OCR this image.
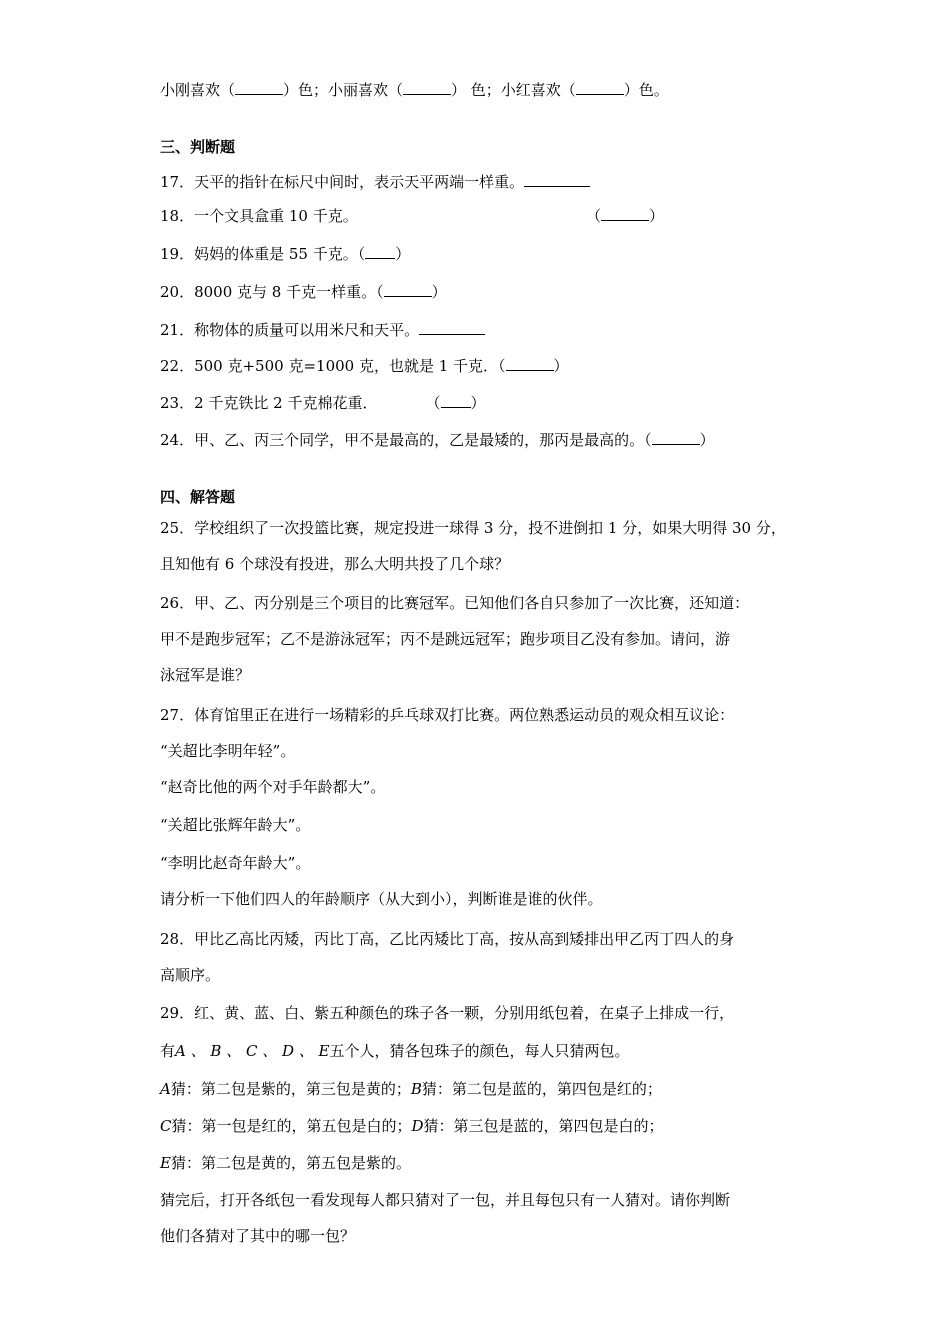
小刚喜欢（	）色；小丽喜欢（	） 色；小红喜欢（	）色。
三、判断题
17．天平的指针在标尺中间时，表示天平两端一样重。
18．一个文具盒重 10 千克。	（	）
19．妈妈的体重是 55 千克。（ ）
20．8000 克与 8 千克一样重。（	）
21．称物体的质量可以用米尺和天平。
22．500 克+500 克=1000 克，也就是 1 千克．（	）
23．2 千克铁比 2 千克棉花重．	（ ）
24．甲、乙、丙三个同学，甲不是最高的，乙是最矮的，那丙是最高的。（	）
四、解答题
25．学校组织了一次投篮比赛，规定投进一球得 3 分，投不进倒扣 1 分，如果大明得 30 分，
且知他有 6 个球没有投进，那么大明共投了几个球？
26．甲、乙、丙分别是三个项目的比赛冠军。已知他们各自只参加了一次比赛，还知道：
甲不是跑步冠军；乙不是游泳冠军；丙不是跳远冠军；跑步项目乙没有参加。请问，游
泳冠军是谁？
27．体育馆里正在进行一场精彩的乒乓球双打比赛。两位熟悉运动员的观众相互议论：
“关超比李明年轻”。
“赵奇比他的两个对手年龄都大”。
“关超比张辉年龄大”。
“李明比赵奇年龄大”。
请分析一下他们四人的年龄顺序（从大到小），判断谁是谁的伙伴。
28．甲比乙高比丙矮，丙比丁高，乙比丙矮比丁高，按从高到矮排出甲乙丙丁四人的身
高顺序。
29．红、黄、蓝、白、紫五种颜色的珠子各一颗，分别用纸包着，在桌子上排成一行，
有A 、 B 、 C 、 D 、 E五个人，猜各包珠子的颜色，每人只猜两包。
A猜：第二包是紫的，第三包是黄的；B猜：第二包是蓝的，第四包是红的；
C猜：第一包是红的，第五包是白的；D猜：第三包是蓝的，第四包是白的；
E猜：第二包是黄的，第五包是紫的。
猜完后，打开各纸包一看发现每人都只猜对了一包，并且每包只有一人猜对。请你判断
他们各猜对了其中的哪一包？
